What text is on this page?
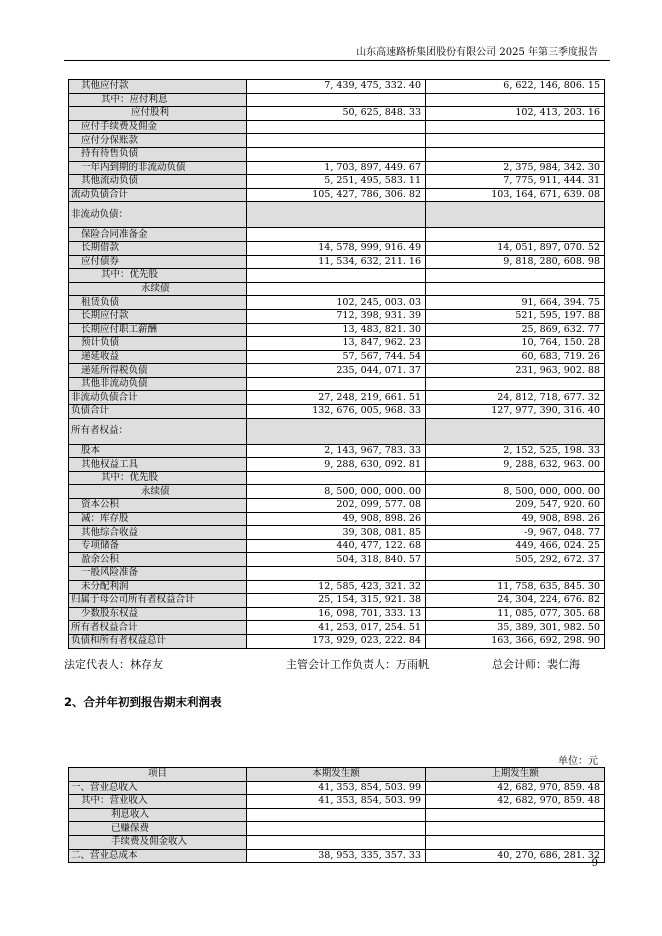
山东高速路桥集团股份有限公司 2025 年第三季度报告
其他应付款	7, 439, 475, 332. 40	6, 622, 146, 806. 15
其中：应付利息		
应付股利	50, 625, 848. 33	102, 413, 203. 16
应付手续费及佣金		
应付分保账款		
持有待售负债		
一年内到期的非流动负债	1, 703, 897, 449. 67	2, 375, 984, 342. 30
其他流动负债	5, 251, 495, 583. 11	7, 775, 911, 444. 31
流动负债合计	105, 427, 786, 306. 82	103, 164, 671, 639. 08
非流动负债：		
保险合同准备金		
长期借款	14, 578, 999, 916. 49	14, 051, 897, 070. 52
应付债券	11, 534, 632, 211. 16	9, 818, 280, 608. 98
其中：优先股		
永续债		
租赁负债	102, 245, 003. 03	91, 664, 394. 75
长期应付款	712, 398, 931. 39	521, 595, 197. 88
长期应付职工薪酬	13, 483, 821. 30	25, 869, 632. 77
预计负债	13, 847, 962. 23	10, 764, 150. 28
递延收益	57, 567, 744. 54	60, 683, 719. 26
递延所得税负债	235, 044, 071. 37	231, 963, 902. 88
其他非流动负债		
非流动负债合计	27, 248, 219, 661. 51	24, 812, 718, 677. 32
负债合计	132, 676, 005, 968. 33	127, 977, 390, 316. 40
所有者权益：		
股本	2, 143, 967, 783. 33	2, 152, 525, 198. 33
其他权益工具	9, 288, 630, 092. 81	9, 288, 632, 963. 00
其中：优先股		
永续债	8, 500, 000, 000. 00	8, 500, 000, 000. 00
资本公积	202, 099, 577. 08	209, 547, 920. 60
减：库存股	49, 908, 898. 26	49, 908, 898. 26
其他综合收益	39, 308, 081. 85	-9, 967, 048. 77
专项储备	440, 477, 122. 68	449, 466, 024. 25
盈余公积	504, 318, 840. 57	505, 292, 672. 37
一般风险准备		
未分配利润	12, 585, 423, 321. 32	11, 758, 635, 845. 30
归属于母公司所有者权益合计	25, 154, 315, 921. 38	24, 304, 224, 676. 82
少数股东权益	16, 098, 701, 333. 13	11, 085, 077, 305. 68
所有者权益合计	41, 253, 017, 254. 51	35, 389, 301, 982. 50
负债和所有者权益总计	173, 929, 023, 222. 84	163, 366, 692, 298. 90
法定代表人：林存友	主管会计工作负责人：万雨帆	总会计师：裴仁海
2、合并年初到报告期末利润表
单位：元
项目	本期发生额	上期发生额
一、营业总收入	41, 353, 854, 503. 99	42, 682, 970, 859. 48
其中：营业收入	41, 353, 854, 503. 99	42, 682, 970, 859. 48
利息收入		
已赚保费		
手续费及佣金收入		
二、营业总成本	38, 953, 335, 357. 33	40, 270, 686, 281. 32
9
